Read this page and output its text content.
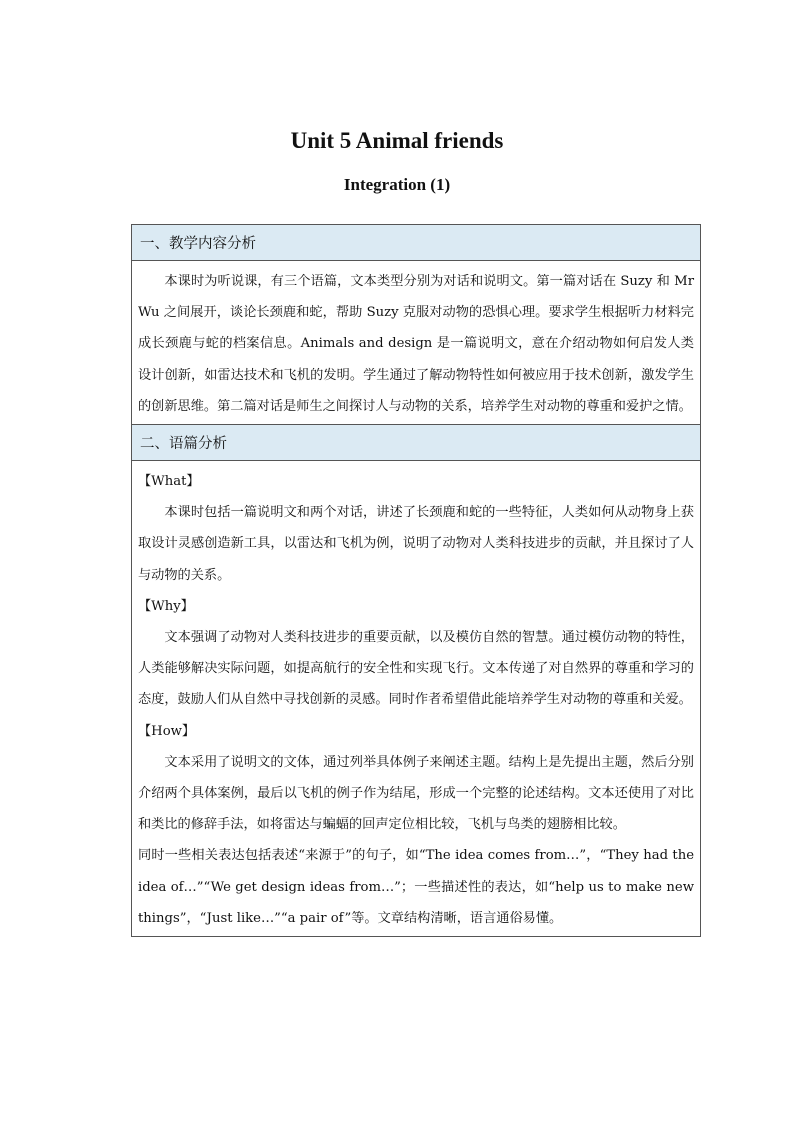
Unit 5 Animal friends
Integration (1)
一、教学内容分析

本课时为听说课，有三个语篇，文本类型分别为对话和说明文。第一篇对话在 Suzy 和 Mr Wu 之间展开，谈论长颈鹿和蛇，帮助 Suzy 克服对动物的恐惧心理。要求学生根据听力材料完成长颈鹿与蛇的档案信息。Animals and design 是一篇说明文，意在介绍动物如何启发人类设计创新，如雷达技术和飞机的发明。学生通过了解动物特性如何被应用于技术创新，激发学生的创新思维。第二篇对话是师生之间探讨人与动物的关系，培养学生对动物的尊重和爱护之情。

二、语篇分析

【What】

本课时包括一篇说明文和两个对话，讲述了长颈鹿和蛇的一些特征，人类如何从动物身上获取设计灵感创造新工具，以雷达和飞机为例，说明了动物对人类科技进步的贡献，并且探讨了人与动物的关系。

【Why】

文本强调了动物对人类科技进步的重要贡献，以及模仿自然的智慧。通过模仿动物的特性，人类能够解决实际问题，如提高航行的安全性和实现飞行。文本传递了对自然界的尊重和学习的态度，鼓励人们从自然中寻找创新的灵感。同时作者希望借此能培养学生对动物的尊重和关爱。

【How】

文本采用了说明文的文体，通过列举具体例子来阐述主题。结构上是先提出主题，然后分别介绍两个具体案例，最后以飞机的例子作为结尾，形成一个完整的论述结构。文本还使用了对比和类比的修辞手法，如将雷达与蝙蝠的回声定位相比较，飞机与鸟类的翅膀相比较。

同时一些相关表达包括表述“来源于”的句子，如“The idea comes from…”，“They had the idea of…”“We get design ideas from…”；一些描述性的表达，如“help us to make new things”，“Just like…”“a pair of”等。文章结构清晰，语言通俗易懂。
